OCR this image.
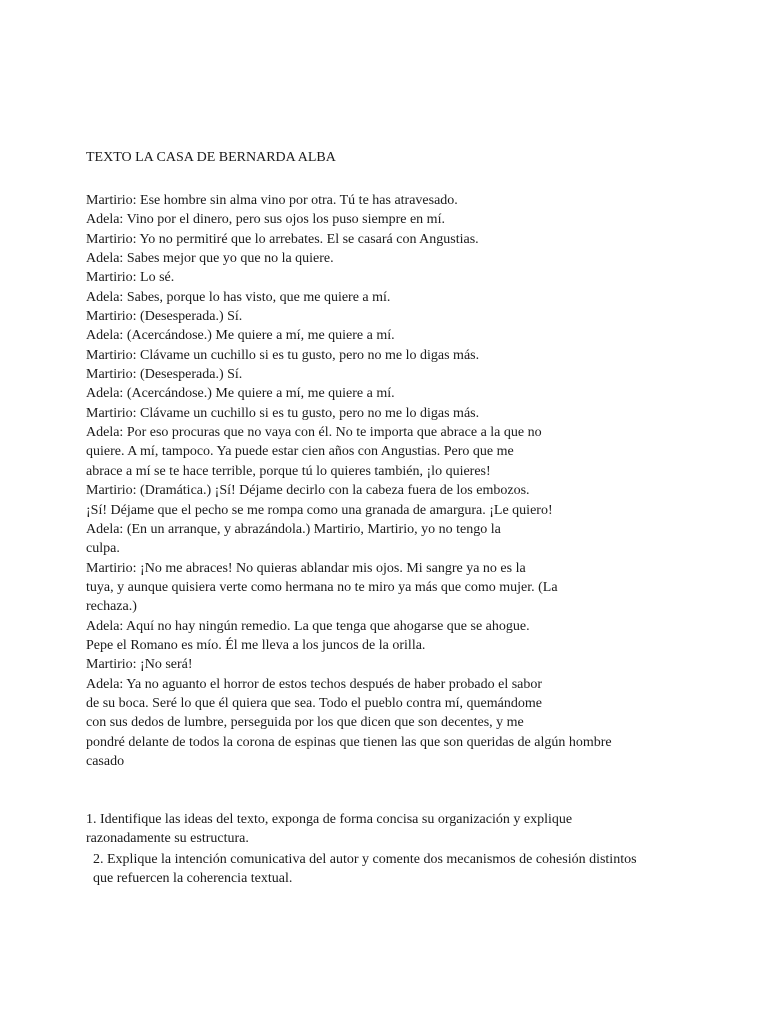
TEXTO LA CASA DE BERNARDA ALBA
Martirio: Ese hombre sin alma vino por otra. Tú te has atravesado.
Adela: Vino por el dinero, pero sus ojos los puso siempre en mí.
Martirio: Yo no permitiré que lo arrebates. El se casará con Angustias.
Adela: Sabes mejor que yo que no la quiere.
Martirio: Lo sé.
Adela: Sabes, porque lo has visto, que me quiere a mí.
Martirio: (Desesperada.) Sí.
Adela: (Acercándose.) Me quiere a mí, me quiere a mí.
Martirio: Clávame un cuchillo si es tu gusto, pero no me lo digas más.
Martirio: (Desesperada.) Sí.
Adela: (Acercándose.) Me quiere a mí, me quiere a mí.
Martirio: Clávame un cuchillo si es tu gusto, pero no me lo digas más.
Adela: Por eso procuras que no vaya con él. No te importa que abrace a la que no
quiere. A mí, tampoco. Ya puede estar cien años con Angustias. Pero que me
abrace a mí se te hace terrible, porque tú lo quieres también, ¡lo quieres!
Martirio: (Dramática.) ¡Sí! Déjame decirlo con la cabeza fuera de los embozos.
¡Sí! Déjame que el pecho se me rompa como una granada de amargura. ¡Le quiero!
Adela: (En un arranque, y abrazándola.) Martirio, Martirio, yo no tengo la
culpa.
Martirio: ¡No me abraces! No quieras ablandar mis ojos. Mi sangre ya no es la
tuya, y aunque quisiera verte como hermana no te miro ya más que como mujer. (La
rechaza.)
Adela: Aquí no hay ningún remedio. La que tenga que ahogarse que se ahogue.
Pepe el Romano es mío. Él me lleva a los juncos de la orilla.
Martirio: ¡No será!
Adela: Ya no aguanto el horror de estos techos después de haber probado el sabor
de su boca. Seré lo que él quiera que sea. Todo el pueblo contra mí, quemándome
con sus dedos de lumbre, perseguida por los que dicen que son decentes, y me
pondré delante de todos la corona de espinas que tienen las que son queridas de algún hombre
casado
1. Identifique las ideas del texto, exponga de forma concisa su organización y explique
razonadamente su estructura.
2. Explique la intención comunicativa del autor y comente dos mecanismos de cohesión distintos
que refuercen la coherencia textual.
